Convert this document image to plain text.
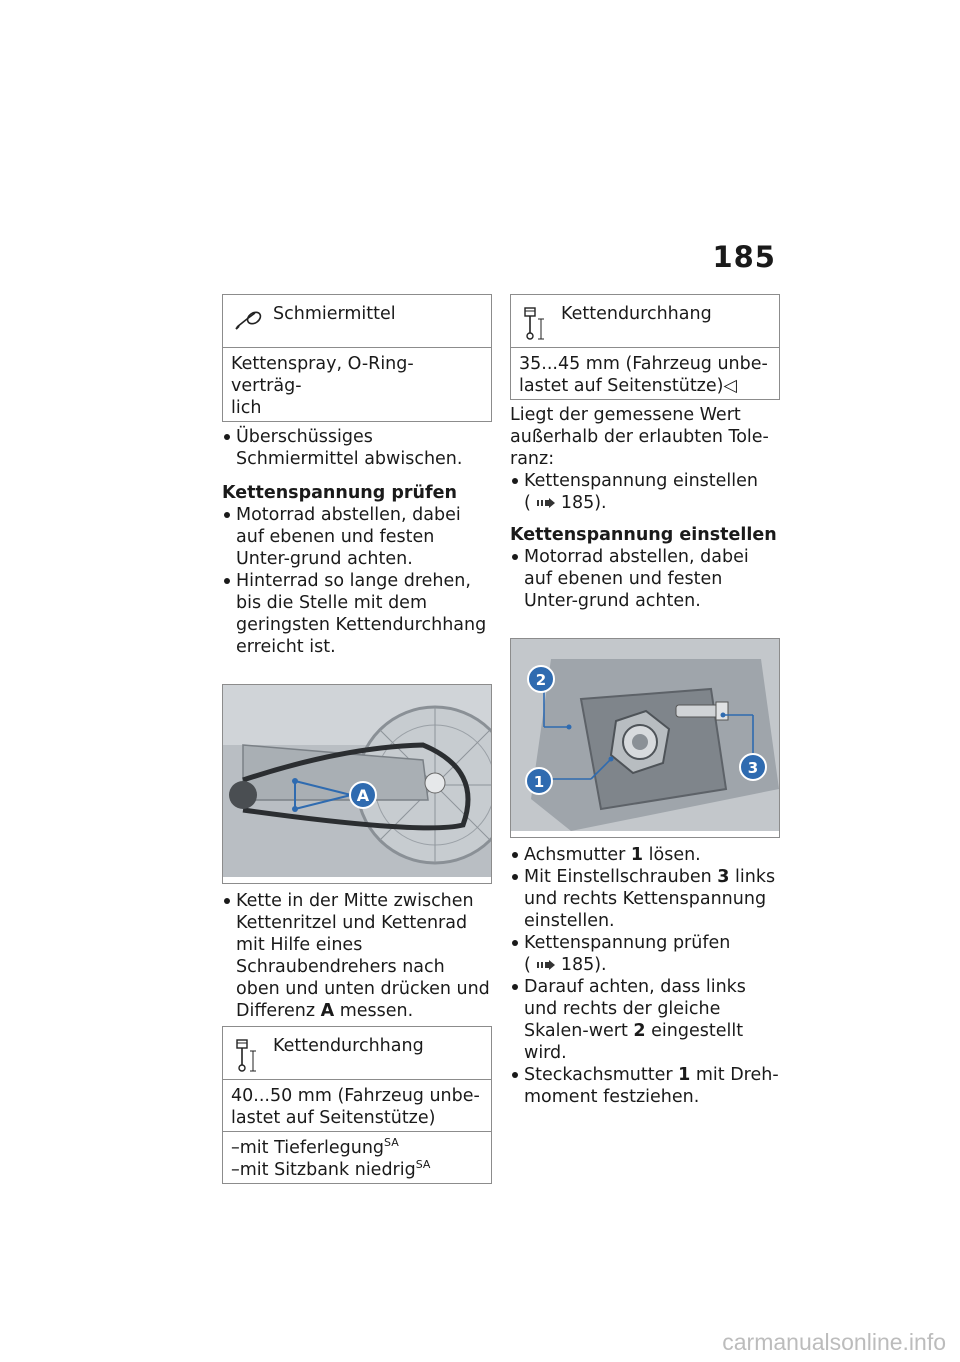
185
Schmiermittel
Kettenspray, O-Ring-verträg-
lich
Überschüssiges Schmiermittel abwischen.
Kettenspannung prüfen
Motorrad abstellen, dabei auf ebenen und festen Unter-grund achten.
Hinterrad so lange drehen, bis die Stelle mit dem geringsten Kettendurchhang erreicht ist.
A
Kette in der Mitte zwischen Kettenritzel und Kettenrad mit Hilfe eines Schraubendrehers nach oben und unten drücken und Differenz A messen.
Kettendurchhang
40...50 mm (Fahrzeug unbe-
lastet auf Seitenstütze)
–mit Tieferlegung$^{SA}$
–mit Sitzbank niedrig$^{SA}$
Kettendurchhang
35...45 mm (Fahrzeug unbe-
lastet auf Seitenstütze)◁
Liegt der gemessene Wert außerhalb der erlaubten Tole-ranz:
Kettenspannung einstellen
( 185).
Kettenspannung einstellen
Motorrad abstellen, dabei auf ebenen und festen Unter-grund achten.
2
1
3
Achsmutter 1 lösen.
Mit Einstellschrauben 3 links und rechts Kettenspannung einstellen.
Kettenspannung prüfen
( 185).
Darauf achten, dass links und rechts der gleiche Skalen-wert 2 eingestellt wird.
Steckachsmutter 1 mit Dreh-moment festziehen.
carmanualsonline.info
